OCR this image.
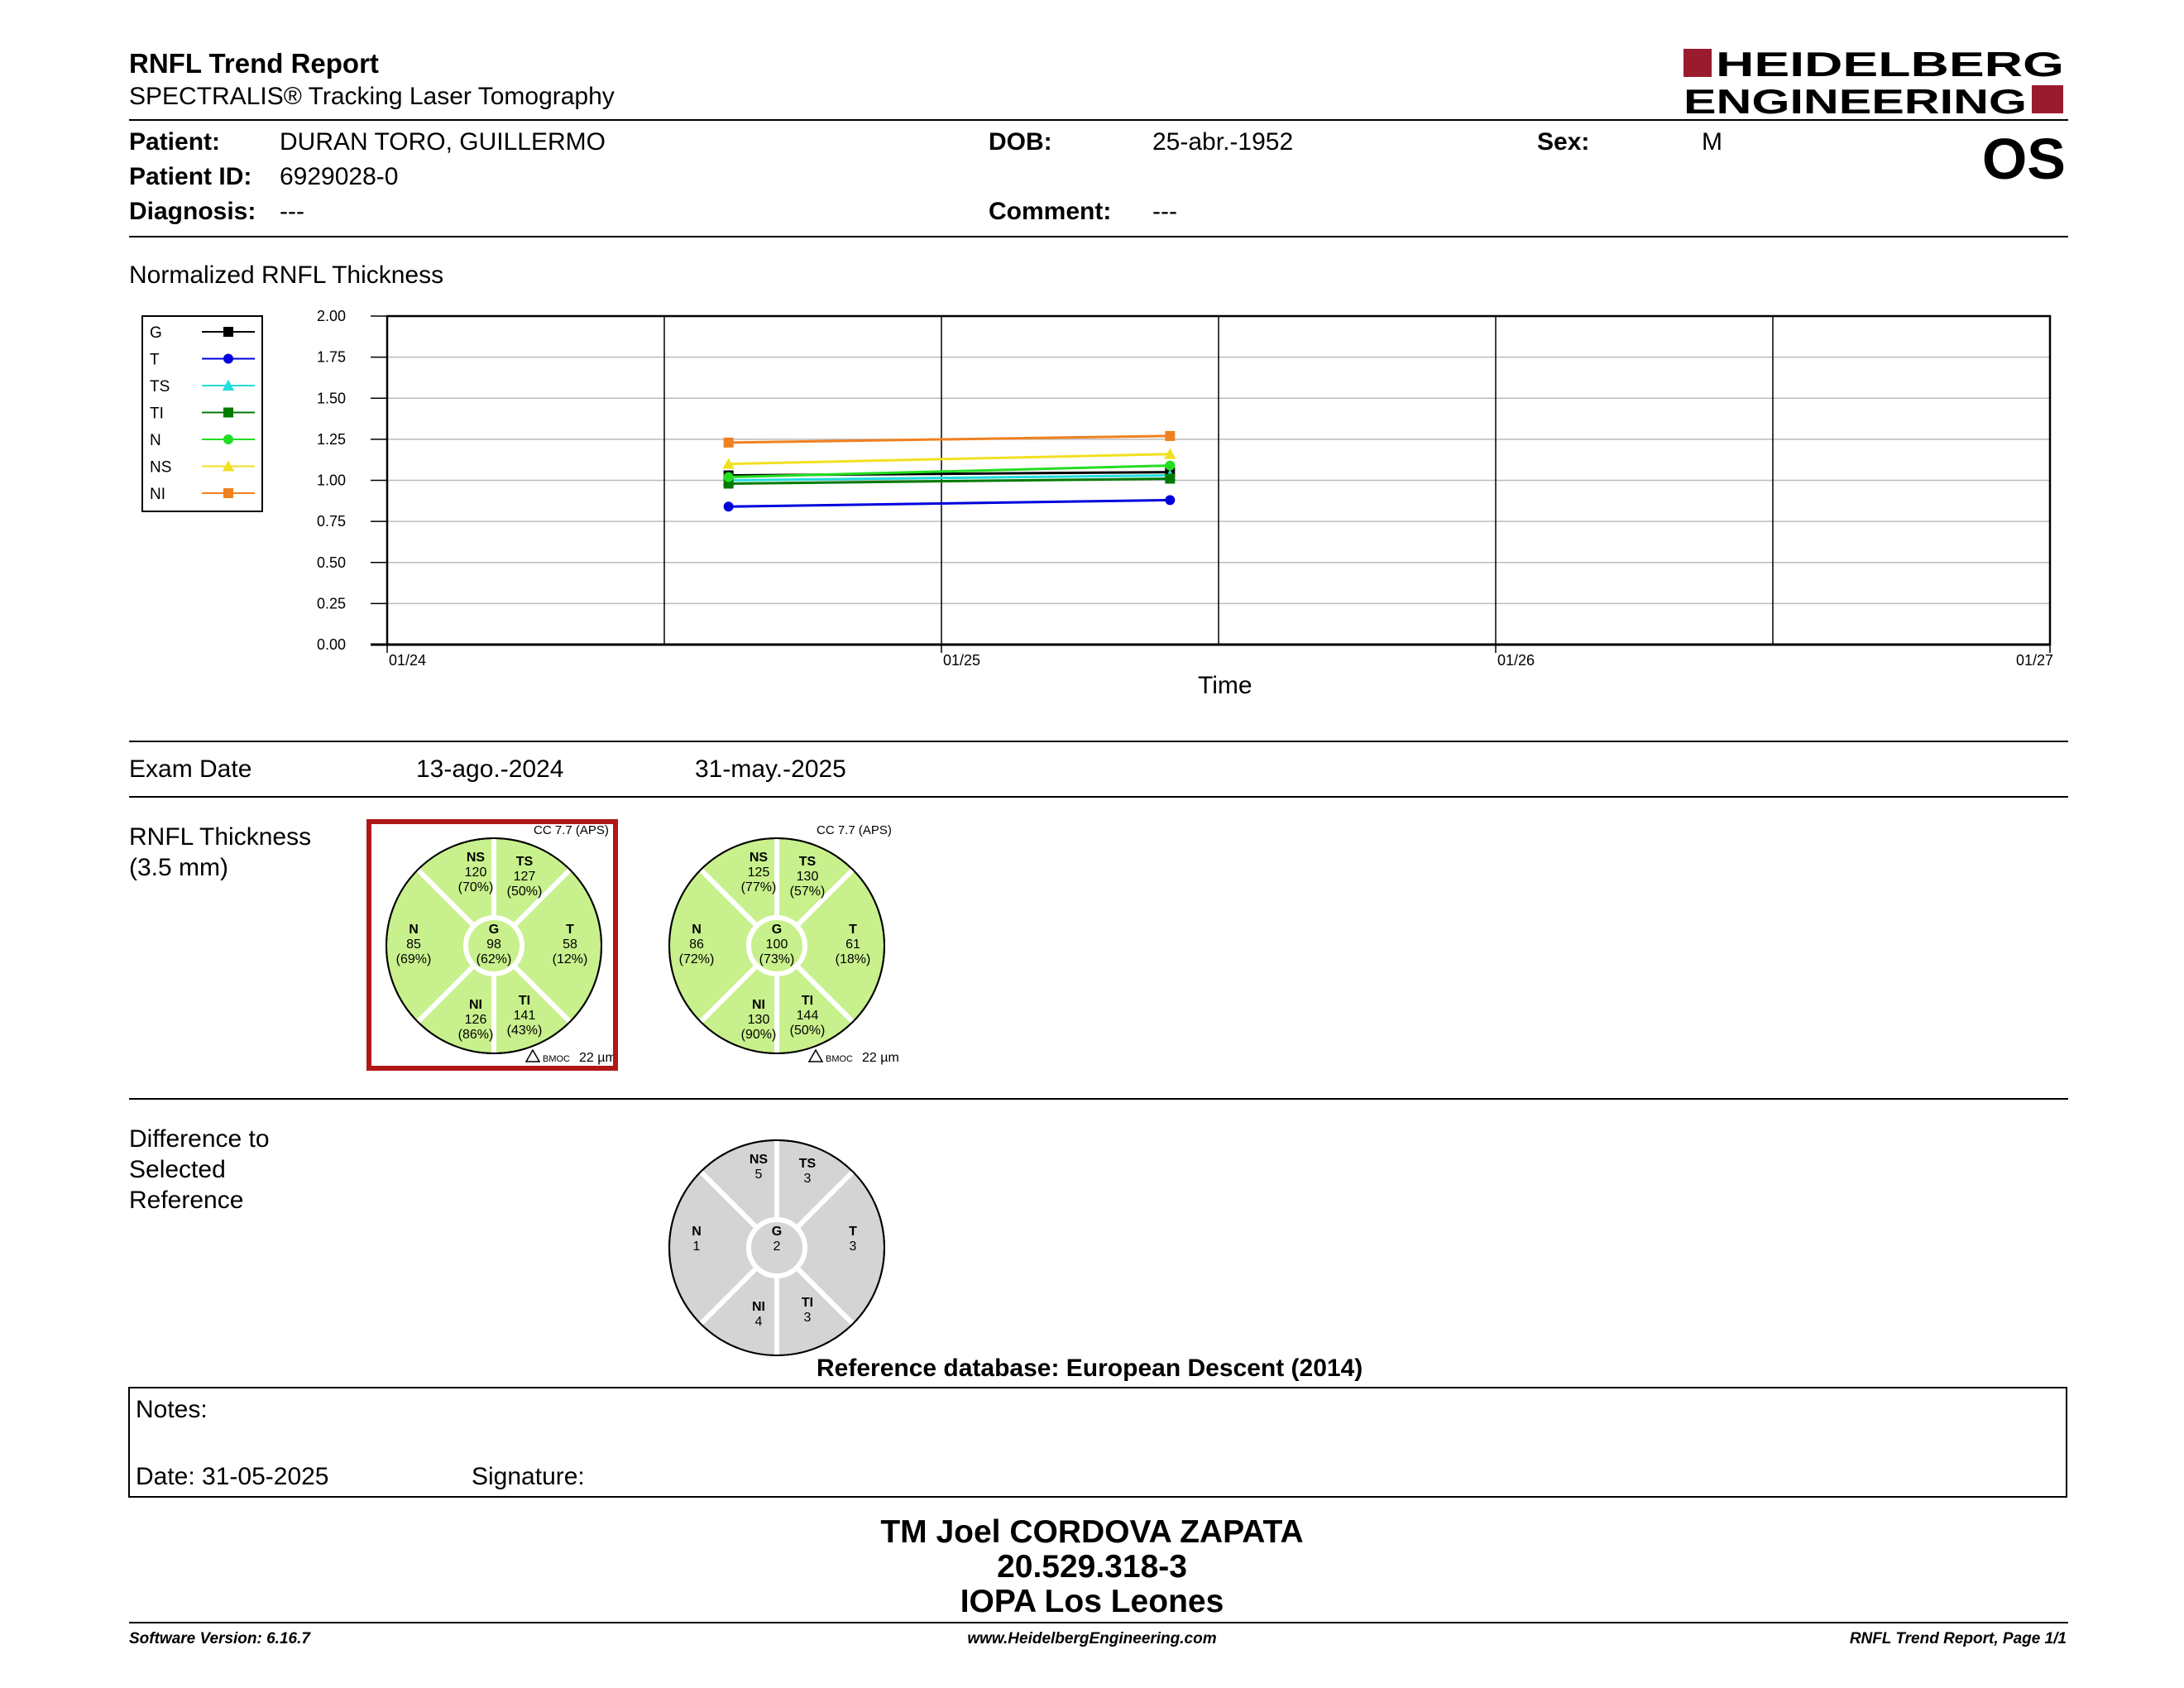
RNFL Trend Report
SPECTRALIS® Tracking Laser Tomography
HEIDELBERG
ENGINEERING
Patient: DURAN TORO, GUILLERMO
Patient ID: 6929028-0
Diagnosis: ---
DOB:	25-abr.-1952
Comment: ---
Sex:	M	OS
Normalized RNFL Thickness
G
T
TS
TI
N
NS
NI
0.00
0.25
0.50
0.75
1.00
1.25
1.50
1.75
2.00
01/24	01/25	01/26	01/27
Time
Exam Date	13-ago.-2024	31-may.-2025
RNFL Thickness
(3.5 mm)	NS
120
(70%)
TS
127
(50%)
N
85
(69%)
G
98
(62%)
T
58
(12%)
NI
126
(86%)
TI
141
(43%)
CC 7.7 (APS)
BMOC 22 µm
NS
125
(77%)
TS
130
(57%)
N
86
(72%)
G
100
(73%)
T
61
(18%)
NI
130
(90%)
TI
144
(50%)
CC 7.7 (APS)
BMOC 22 µm
NS
5
TS
3
N
1
G
2
T
3
NI
4
TI
3
Difference to
Selected
Reference
Reference database: European Descent (2014)
Notes:
Date: 31-05-2025	Signature:
TM Joel CORDOVA ZAPATA
20.529.318-3
IOPA Los Leones
Software Version: 6.16.7	www.HeidelbergEngineering.com	RNFL Trend Report, Page 1/1
